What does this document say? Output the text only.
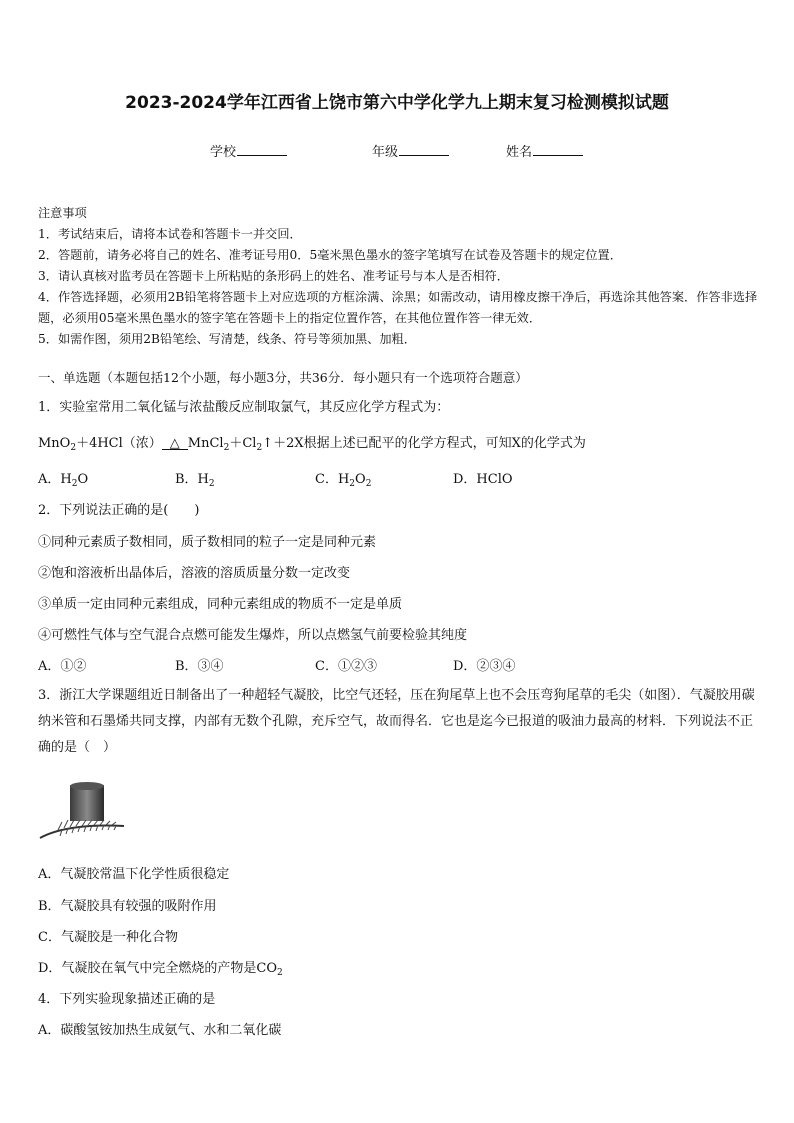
2023-2024学年江西省上饶市第六中学化学九上期末复习检测模拟试题
学校	年级	姓名

注意事项

1．考试结束后，请将本试卷和答题卡一并交回．

2．答题前，请务必将自己的姓名、准考证号用0．5毫米黑色墨水的签字笔填写在试卷及答题卡的规定位置．

3．请认真核对监考员在答题卡上所粘贴的条形码上的姓名、准考证号与本人是否相符．

4．作答选择题，必须用2B铅笔将答题卡上对应选项的方框涂满、涂黑；如需改动，请用橡皮擦干净后，再选涂其他答案．作答非选择题，必须用05毫米黑色墨水的签字笔在答题卡上的指定位置作答，在其他位置作答一律无效．

5．如需作图，须用2B铅笔绘、写清楚，线条、符号等须加黑、加粗．

一、单选题（本题包括12个小题，每小题3分，共36分．每小题只有一个选项符合题意）
1．实验室常用二氧化锰与浓盐酸反应制取氯气，其反应化学方程式为：
MnO$_2$＋4HCl（浓） △ $MnCl_2+Cl_2↑+2X$根据上述已配平的化学方程式，可知X的化学式为
A．$H_2O$	B．$H_2$	C．$H_2O_2$	D．HClO
2．下列说法正确的是(　　)
①同种元素质子数相同，质子数相同的粒子一定是同种元素
②饱和溶液析出晶体后，溶液的溶质质量分数一定改变
③单质一定由同种元素组成，同种元素组成的物质不一定是单质
④可燃性气体与空气混合点燃可能发生爆炸，所以点燃氢气前要检验其纯度
A．①②	B．③④	C．①②③	D．②③④
3．浙江大学课题组近日制备出了一种超轻气凝胶，比空气还轻，压在狗尾草上也不会压弯狗尾草的毛尖（如图）．气凝胶用碳纳米管和石墨烯共同支撑，内部有无数个孔隙，充斥空气，故而得名．它也是迄今已报道的吸油力最高的材料．下列说法不正确的是（　）
A．气凝胶常温下化学性质很稳定
B．气凝胶具有较强的吸附作用
C．气凝胶是一种化合物
D．气凝胶在氧气中完全燃烧的产物是$CO_2$
4．下列实验现象描述正确的是
A．碳酸氢铵加热生成氨气、水和二氧化碳
